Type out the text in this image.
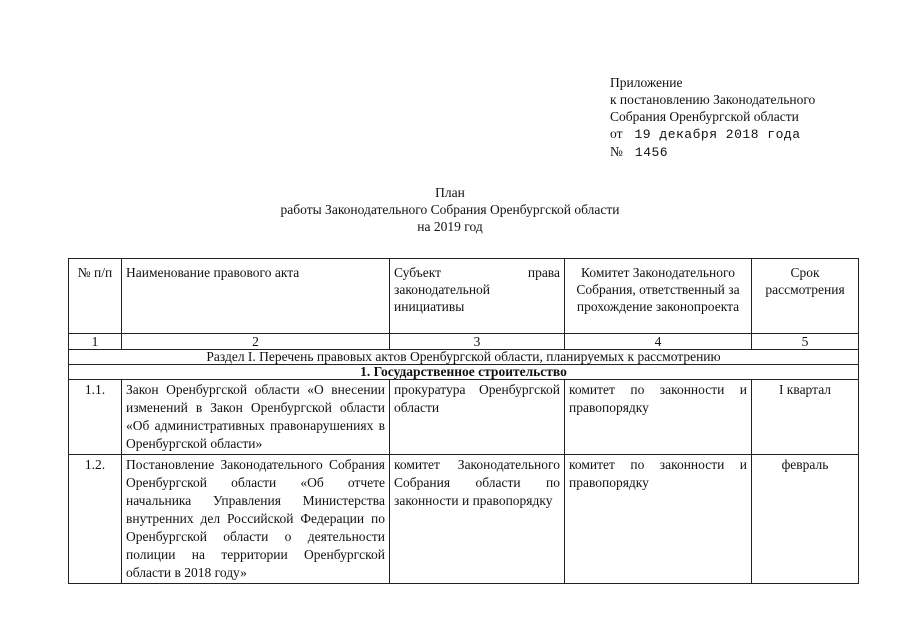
Приложение
к постановлению Законодательного
Собрания Оренбургской области
от 19 декабря 2018 года
№ 1456
План
работы Законодательного Собрания Оренбургской области
на 2019 год
№ п/п	Наименование правового акта	Субъект права законодательной инициативы	Комитет Законодательного Собрания, ответственный за прохождение законопроекта	Срок рассмотрения
1	2	3	4	5
Раздел I. Перечень правовых актов Оренбургской области, планируемых к рассмотрению				
1. Государственное строительство				
1.1.	Закон Оренбургской области «О внесении изменений в Закон Оренбургской области «Об административных правонарушениях в Оренбургской области»	прокуратура Оренбургской области	комитет по законности и правопорядку	I квартал
1.2.	Постановление Законодательного Собрания Оренбургской области «Об отчете начальника Управления Министерства внутренних дел Российской Федерации по Оренбургской области о деятельности полиции на территории Оренбургской области в 2018 году»	комитет Законодательного Собрания области по законности и правопорядку	комитет по законности и правопорядку	февраль
